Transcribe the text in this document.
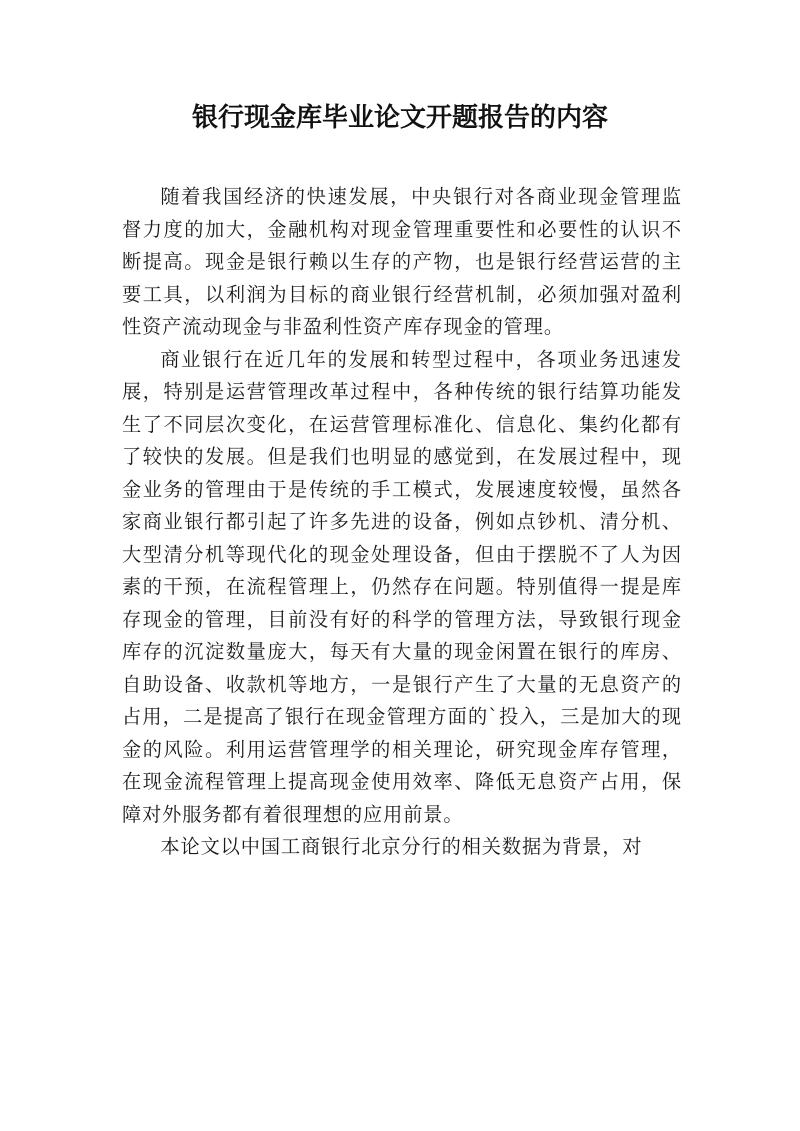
银行现金库毕业论文开题报告的内容

随着我国经济的快速发展，中央银行对各商业现金管理监督力度的加大，金融机构对现金管理重要性和必要性的认识不断提高。现金是银行赖以生存的产物，也是银行经营运营的主要工具，以利润为目标的商业银行经营机制，必须加强对盈利性资产流动现金与非盈利性资产库存现金的管理。

商业银行在近几年的发展和转型过程中，各项业务迅速发展，特别是运营管理改革过程中，各种传统的银行结算功能发生了不同层次变化，在运营管理标准化、信息化、集约化都有了较快的发展。但是我们也明显的感觉到，在发展过程中，现金业务的管理由于是传统的手工模式，发展速度较慢，虽然各家商业银行都引起了许多先进的设备，例如点钞机、清分机、大型清分机等现代化的现金处理设备，但由于摆脱不了人为因素的干预，在流程管理上，仍然存在问题。特别值得一提是库存现金的管理，目前没有好的科学的管理方法，导致银行现金库存的沉淀数量庞大，每天有大量的现金闲置在银行的库房、自助设备、收款机等地方，一是银行产生了大量的无息资产的占用，二是提高了银行在现金管理方面的`投入，三是加大的现金的风险。利用运营管理学的相关理论，研究现金库存管理，在现金流程管理上提高现金使用效率、降低无息资产占用，保障对外服务都有着很理想的应用前景。

本论文以中国工商银行北京分行的相关数据为背景，对
